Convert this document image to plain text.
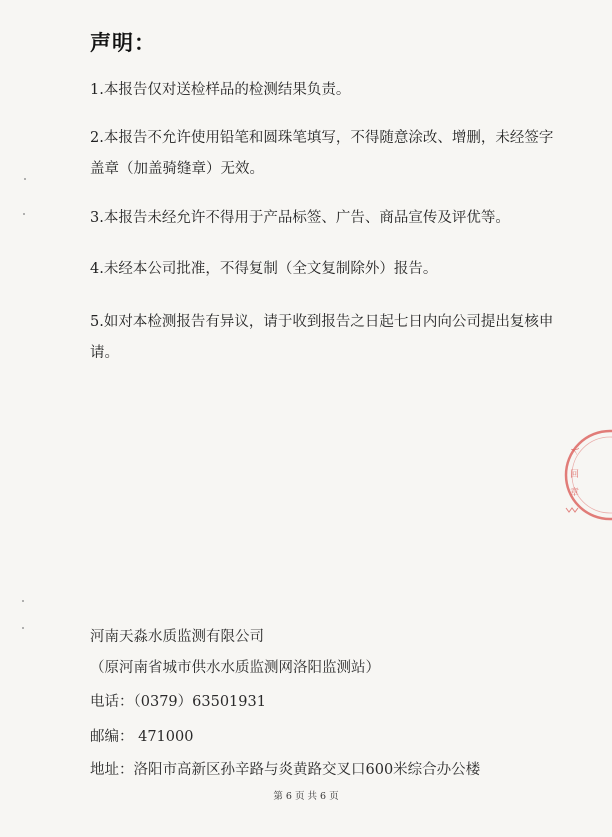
声明：
1.本报告仅对送检样品的检测结果负责。
2.本报告不允许使用铅笔和圆珠笔填写，不得随意涂改、增删，未经签字盖章（加盖骑缝章）无效。
3.本报告未经允许不得用于产品标签、广告、商品宣传及评优等。
4.未经本公司批准，不得复制（全文复制除外）报告。
5.如对本检测报告有异议，请于收到报告之日起七日内向公司提出复核申请。
河南天淼水质监测有限公司
（原河南省城市供水水质监测网洛阳监测站）
电话：（0379）63501931
邮编： 471000
地址：洛阳市高新区孙辛路与炎黄路交叉口600米综合办公楼
第 6 页 共 6 页
人
回
章
